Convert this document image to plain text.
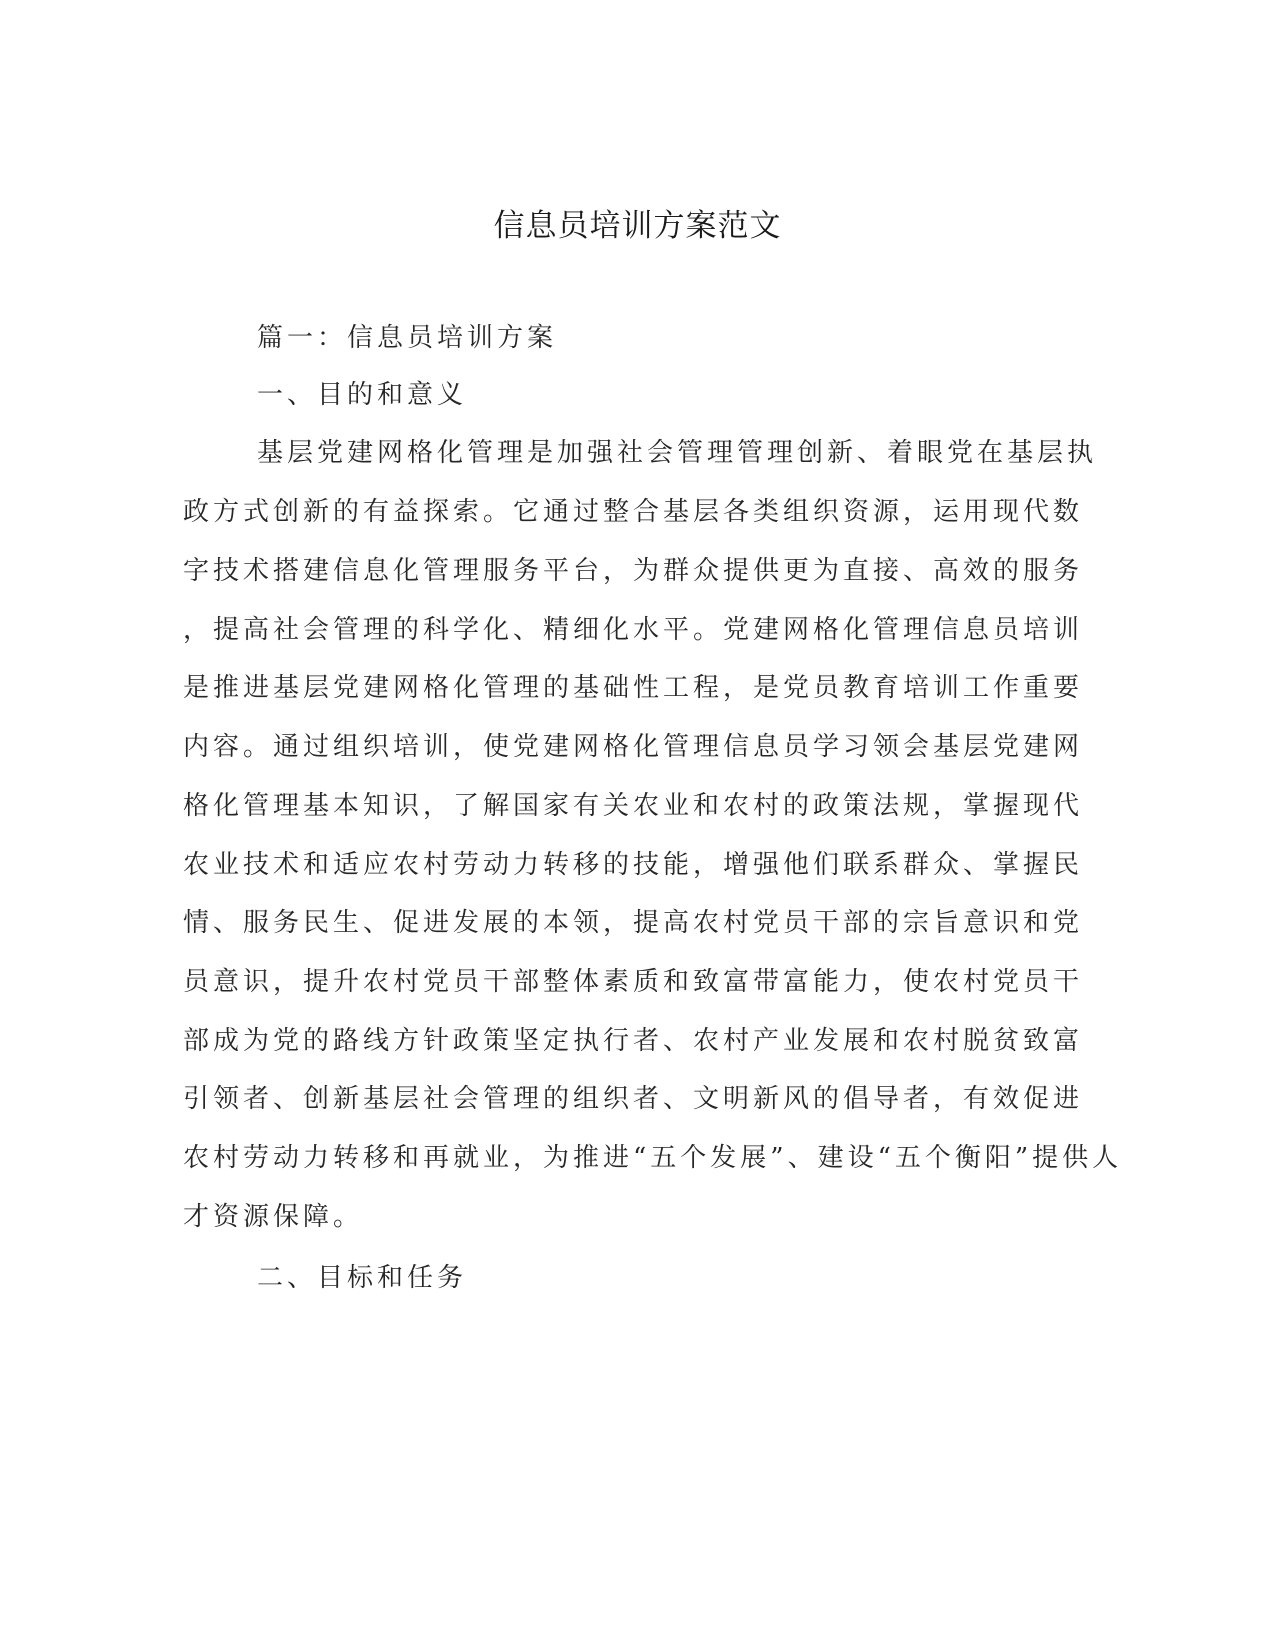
信息员培训方案范文
篇一：信息员培训方案
一、目的和意义
基层党建网格化管理是加强社会管理管理创新、着眼党在基层执
政方式创新的有益探索。它通过整合基层各类组织资源，运用现代数
字技术搭建信息化管理服务平台，为群众提供更为直接、高效的服务
，提高社会管理的科学化、精细化水平。党建网格化管理信息员培训
是推进基层党建网格化管理的基础性工程，是党员教育培训工作重要
内容。通过组织培训，使党建网格化管理信息员学习领会基层党建网
格化管理基本知识，了解国家有关农业和农村的政策法规，掌握现代
农业技术和适应农村劳动力转移的技能，增强他们联系群众、掌握民
情、服务民生、促进发展的本领，提高农村党员干部的宗旨意识和党
员意识，提升农村党员干部整体素质和致富带富能力，使农村党员干
部成为党的路线方针政策坚定执行者、农村产业发展和农村脱贫致富
引领者、创新基层社会管理的组织者、文明新风的倡导者，有效促进
农村劳动力转移和再就业，为推进“五个发展”、建设“五个衡阳”提供人
才资源保障。
二、目标和任务
